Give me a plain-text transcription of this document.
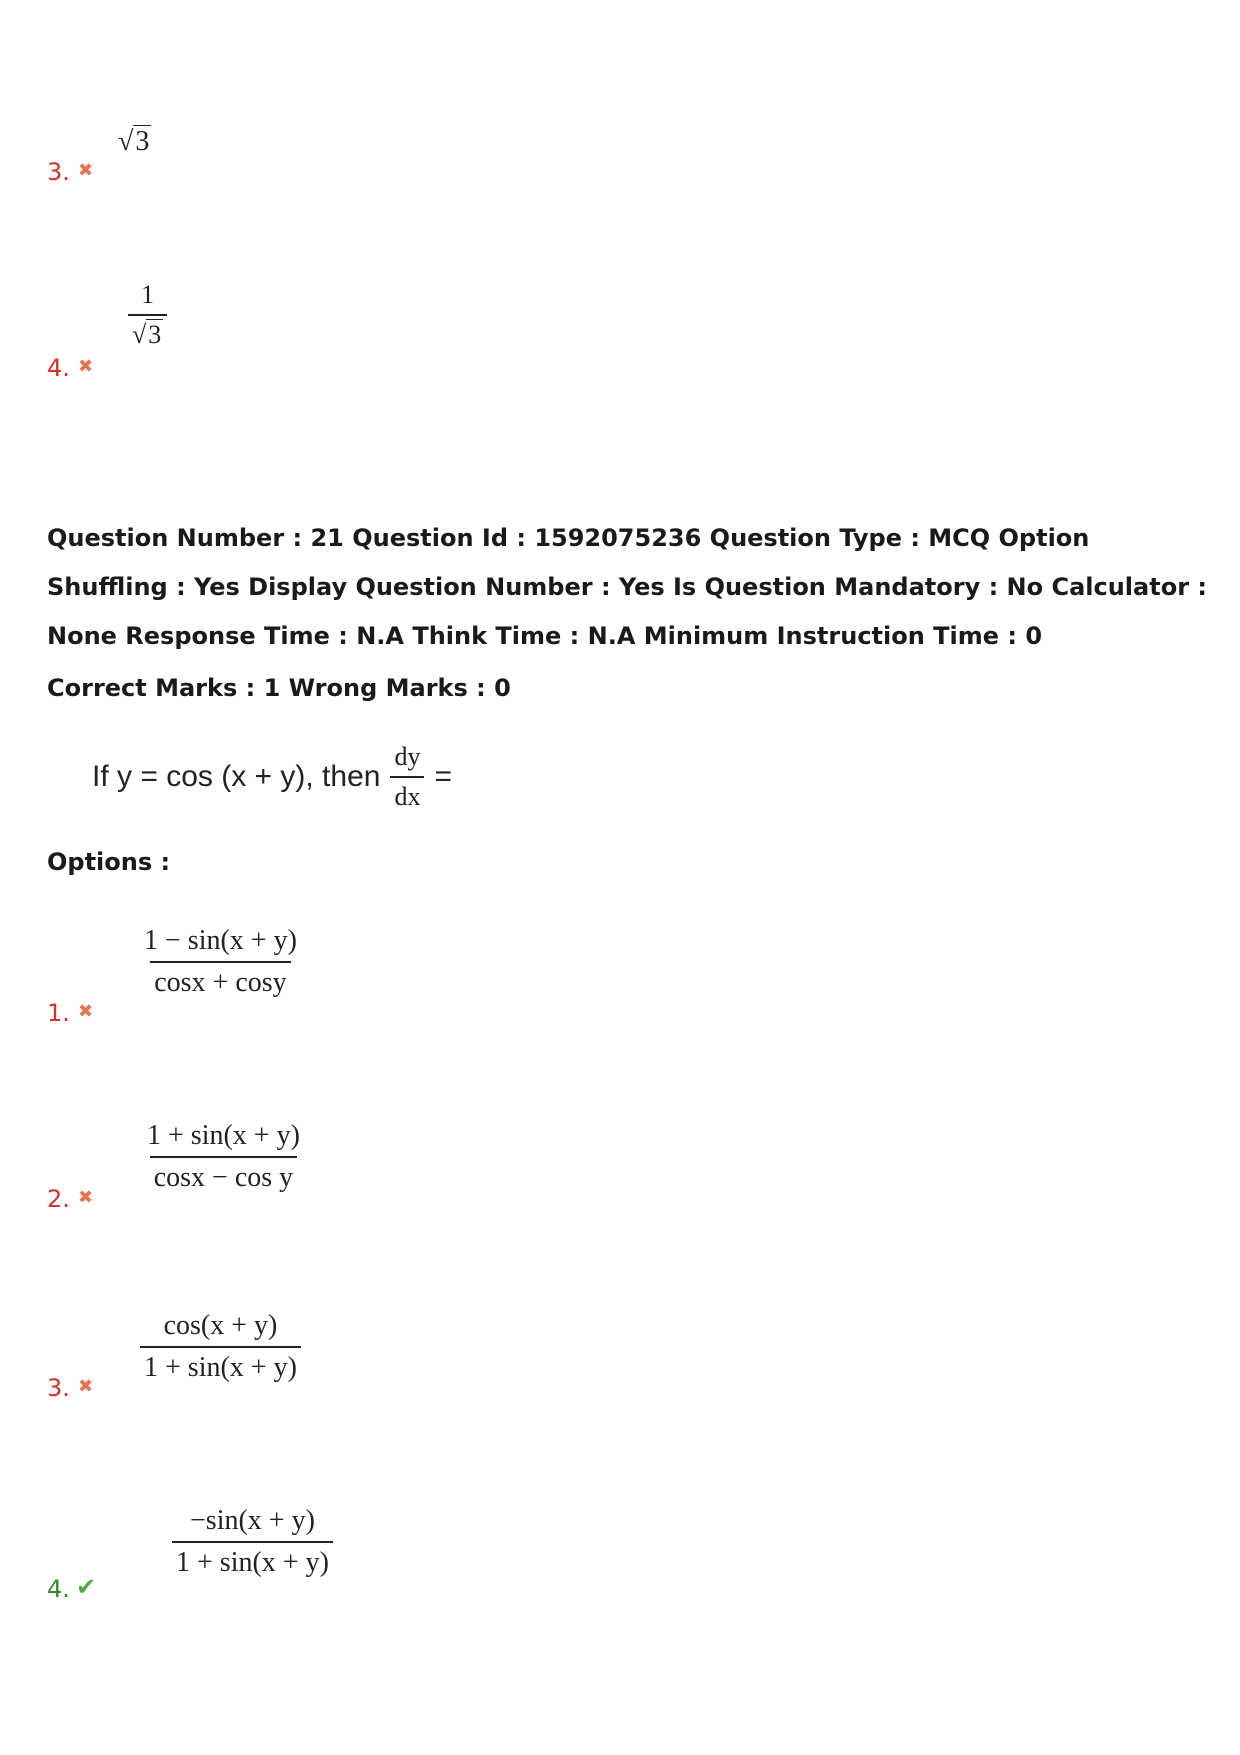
√3
3. ✖
$\frac{1}{√3}$
4. ✖
Question Number : 21 Question Id : 1592075236 Question Type : MCQ Option Shuffling : Yes Display Question Number : Yes Is Question Mandatory : No Calculator : None Response Time : N.A Think Time : N.A Minimum Instruction Time : 0
Correct Marks : 1 Wrong Marks : 0
If y = cos (x + y), then $\frac{dy}{dx}$ =
Options :
$\frac{1 - \sin(x + y)}{\cos x + \cos y}$
1. ✖
$\frac{1 + \sin(x + y)}{\text{cosx − cos y}}$
2. ✖
$\frac{\cos(x + y)}{1 + \sin(x + y)}$
3. ✖
$\frac{-\sin(x + y)}{1 + \sin(x + y)}$
4. ✔
